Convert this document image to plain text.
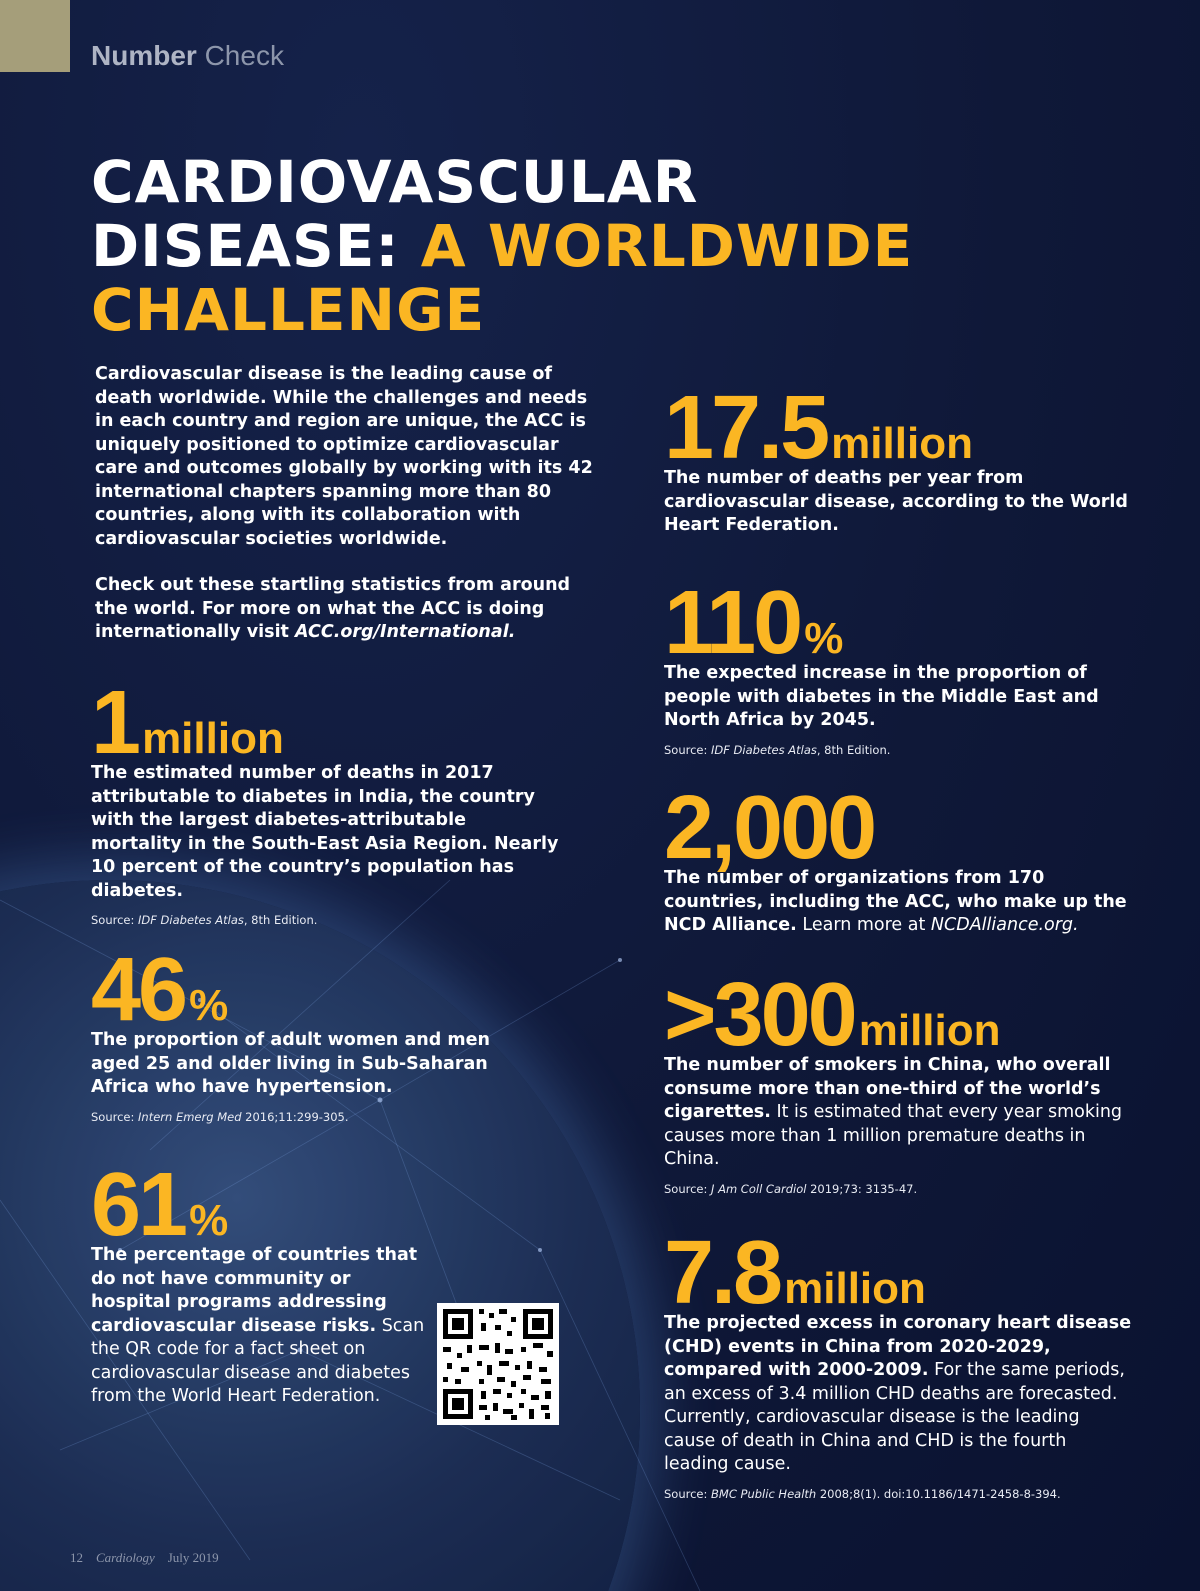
Number Check
CARDIOVASCULAR
DISEASE: A WORLDWIDE
CHALLENGE

Cardiovascular disease is the leading cause of death worldwide. While the challenges and needs in each country and region are unique, the ACC is uniquely positioned to optimize cardiovascular care and outcomes globally by working with its 42 international chapters spanning more than 80 countries, along with its collaboration with cardiovascular societies worldwide.

Check out these startling statistics from around the world. For more on what the ACC is doing internationally visit ACC.org/International.

1million
The estimated number of deaths in 2017 attributable to diabetes in India, the country with the largest diabetes-attributable mortality in the South-East Asia Region. Nearly 10 percent of the country’s population has diabetes.
Source: IDF Diabetes Atlas, 8th Edition.
46%
The proportion of adult women and men aged 25 and older living in Sub-Saharan Africa who have hypertension.
Source: Intern Emerg Med 2016;11:299-305.
61%
The percentage of countries that do not have community or hospital programs addressing cardiovascular disease risks. Scan the QR code for a fact sheet on cardiovascular disease and diabetes from the World Heart Federation.
17.5million
The number of deaths per year from cardiovascular disease, according to the World Heart Federation.
110%
The expected increase in the proportion of people with diabetes in the Middle East and North Africa by 2045.
Source: IDF Diabetes Atlas, 8th Edition.
2,000
The number of organizations from 170 countries, including the ACC, who make up the NCD Alliance. Learn more at NCDAlliance.org.
>300million
The number of smokers in China, who overall consume more than one-third of the world’s cigarettes. It is estimated that every year smoking causes more than 1 million premature deaths in China.
Source: J Am Coll Cardiol 2019;73: 3135-47.
7.8million
The projected excess in coronary heart disease (CHD) events in China from 2020-2029, compared with 2000-2009. For the same periods, an excess of 3.4 million CHD deaths are forecasted. Currently, cardiovascular disease is the leading cause of death in China and CHD is the fourth leading cause.
Source: BMC Public Health 2008;8(1). doi:10.1186/1471-2458-8-394.
12 Cardiology July 2019
